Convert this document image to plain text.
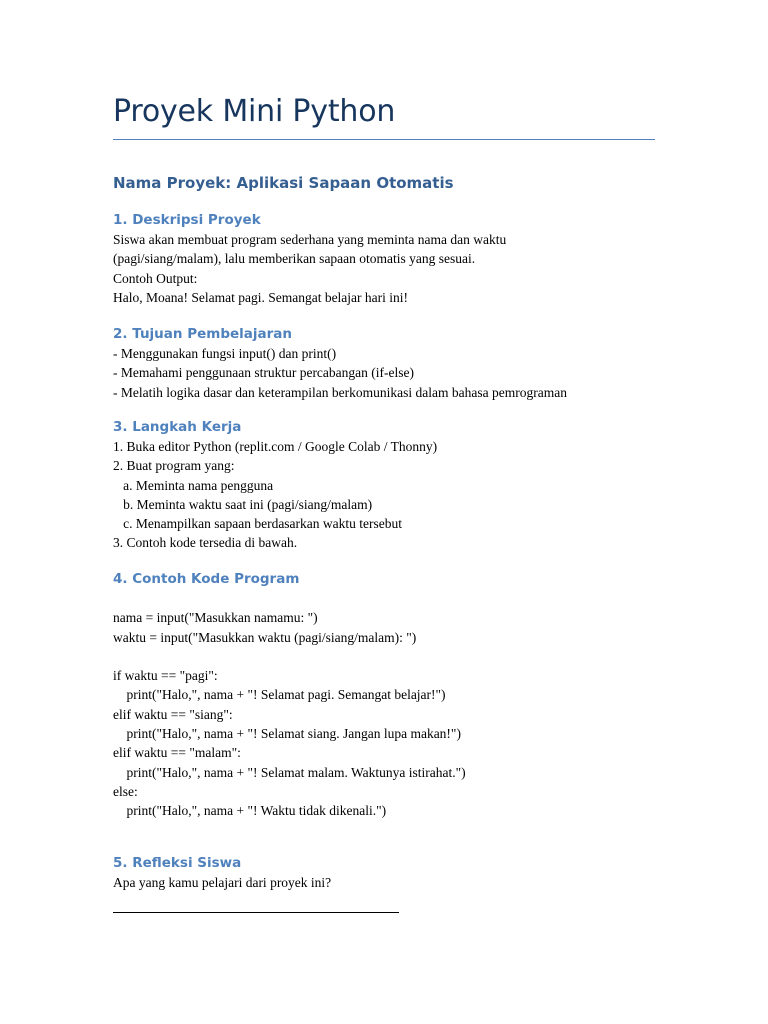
Proyek Mini Python
Nama Proyek: Aplikasi Sapaan Otomatis
1. Deskripsi Proyek

Siswa akan membuat program sederhana yang meminta nama dan waktu

(pagi/siang/malam), lalu memberikan sapaan otomatis yang sesuai.

Contoh Output:

Halo, Moana! Selamat pagi. Semangat belajar hari ini!

2. Tujuan Pembelajaran

- Menggunakan fungsi input() dan print()

- Memahami penggunaan struktur percabangan (if-else)

- Melatih logika dasar dan keterampilan berkomunikasi dalam bahasa pemrograman

3. Langkah Kerja

1. Buka editor Python (replit.com / Google Colab / Thonny)

2. Buat program yang:

a. Meminta nama pengguna

b. Meminta waktu saat ini (pagi/siang/malam)

c. Menampilkan sapaan berdasarkan waktu tersebut

3. Contoh kode tersedia di bawah.

4. Contoh Kode Program

nama = input("Masukkan namamu: ")

waktu = input("Masukkan waktu (pagi/siang/malam): ")

if waktu == "pagi":

print("Halo,", nama + "! Selamat pagi. Semangat belajar!")

elif waktu == "siang":

print("Halo,", nama + "! Selamat siang. Jangan lupa makan!")

elif waktu == "malam":

print("Halo,", nama + "! Selamat malam. Waktunya istirahat.")

else:

print("Halo,", nama + "! Waktu tidak dikenali.")

5. Refleksi Siswa

Apa yang kamu pelajari dari proyek ini?
